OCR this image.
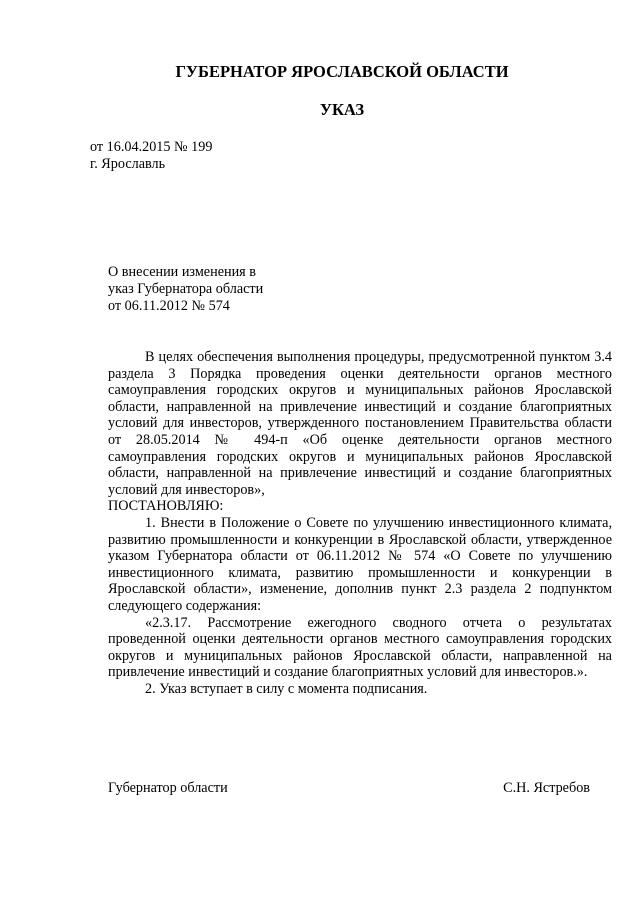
ГУБЕРНАТОР ЯРОСЛАВСКОЙ ОБЛАСТИ
УКАЗ
от 16.04.2015 № 199
г. Ярославль
О внесении изменения в
указ Губернатора области
от 06.11.2012 № 574

В целях обеспечения выполнения процедуры, предусмотренной пунктом 3.4 раздела 3 Порядка проведения оценки деятельности органов местного самоуправления городских округов и муниципальных районов Ярославской области, направленной на привлечение инвестиций и создание благоприятных условий для инвесторов, утвержденного постановлением Правительства области от 28.05.2014 № 494-п «Об оценке деятельности органов местного самоуправления городских округов и муниципальных районов Ярославской области, направленной на привлечение инвестиций и создание благоприятных условий для инвесторов»,

ПОСТАНОВЛЯЮ:

1. Внести в Положение о Совете по улучшению инвестиционного климата, развитию промышленности и конкуренции в Ярославской области, утвержденное указом Губернатора области от 06.11.2012 № 574 «О Совете по улучшению инвестиционного климата, развитию промышленности и конкуренции в Ярославской области», изменение, дополнив пункт 2.3 раздела 2 подпунктом следующего содержания:

«2.3.17. Рассмотрение ежегодного сводного отчета о результатах проведенной оценки деятельности органов местного самоуправления городских округов и муниципальных районов Ярославской области, направленной на привлечение инвестиций и создание благоприятных условий для инвесторов.».

2. Указ вступает в силу с момента подписания.

Губернатор области	С.Н. Ястребов
